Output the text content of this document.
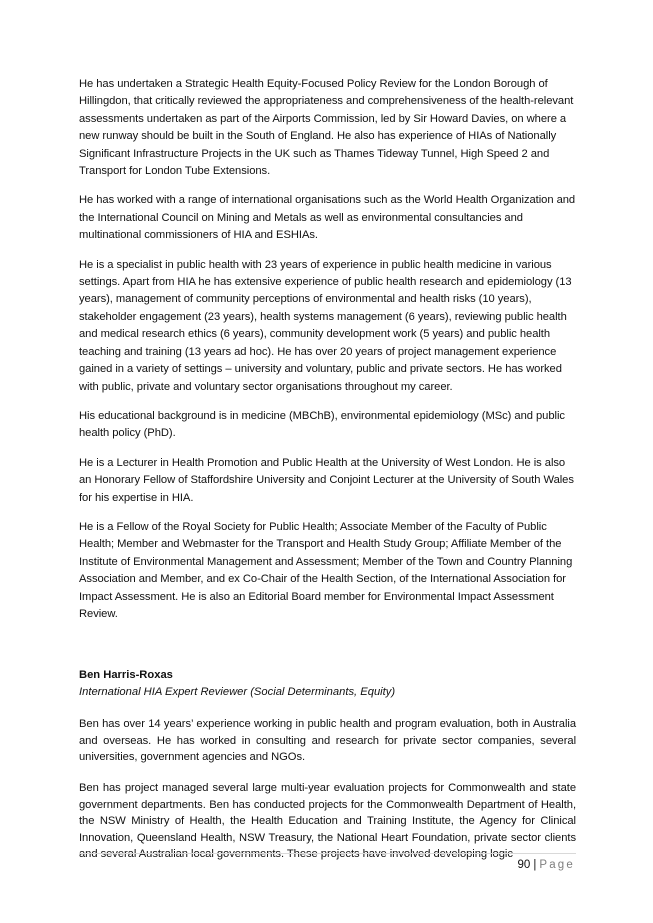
He has undertaken a Strategic Health Equity-Focused Policy Review for the London Borough of Hillingdon, that critically reviewed the appropriateness and comprehensiveness of the health-relevant assessments undertaken as part of the Airports Commission, led by Sir Howard Davies, on where a new runway should be built in the South of England. He also has experience of HIAs of Nationally Significant Infrastructure Projects in the UK such as Thames Tideway Tunnel, High Speed 2 and Transport for London Tube Extensions.

He has worked with a range of international organisations such as the World Health Organization and the International Council on Mining and Metals as well as environmental consultancies and multinational commissioners of HIA and ESHIAs.

He is a specialist in public health with 23 years of experience in public health medicine in various settings. Apart from HIA he has extensive experience of public health research and epidemiology (13 years), management of community perceptions of environmental and health risks (10 years), stakeholder engagement (23 years), health systems management (6 years), reviewing public health and medical research ethics (6 years), community development work (5 years) and public health teaching and training (13 years ad hoc). He has over 20 years of project management experience gained in a variety of settings – university and voluntary, public and private sectors. He has worked with public, private and voluntary sector organisations throughout my career.

His educational background is in medicine (MBChB), environmental epidemiology (MSc) and public health policy (PhD).

He is a Lecturer in Health Promotion and Public Health at the University of West London. He is also an Honorary Fellow of Staffordshire University and Conjoint Lecturer at the University of South Wales for his expertise in HIA.

He is a Fellow of the Royal Society for Public Health; Associate Member of the Faculty of Public Health; Member and Webmaster for the Transport and Health Study Group; Affiliate Member of the Institute of Environmental Management and Assessment; Member of the Town and Country Planning Association and Member, and ex Co-Chair of the Health Section, of the International Association for Impact Assessment. He is also an Editorial Board member for Environmental Impact Assessment Review.

Ben Harris-Roxas

International HIA Expert Reviewer (Social Determinants, Equity)

Ben has over 14 years’ experience working in public health and program evaluation, both in Australia and overseas. He has worked in consulting and research for private sector companies, several universities, government agencies and NGOs.

Ben has project managed several large multi-year evaluation projects for Commonwealth and state government departments. Ben has conducted projects for the Commonwealth Department of Health, the NSW Ministry of Health, the Health Education and Training Institute, the Agency for Clinical Innovation, Queensland Health, NSW Treasury, the National Heart Foundation, private sector clients and several Australian local governments. These projects have involved developing logic

90 | Page
